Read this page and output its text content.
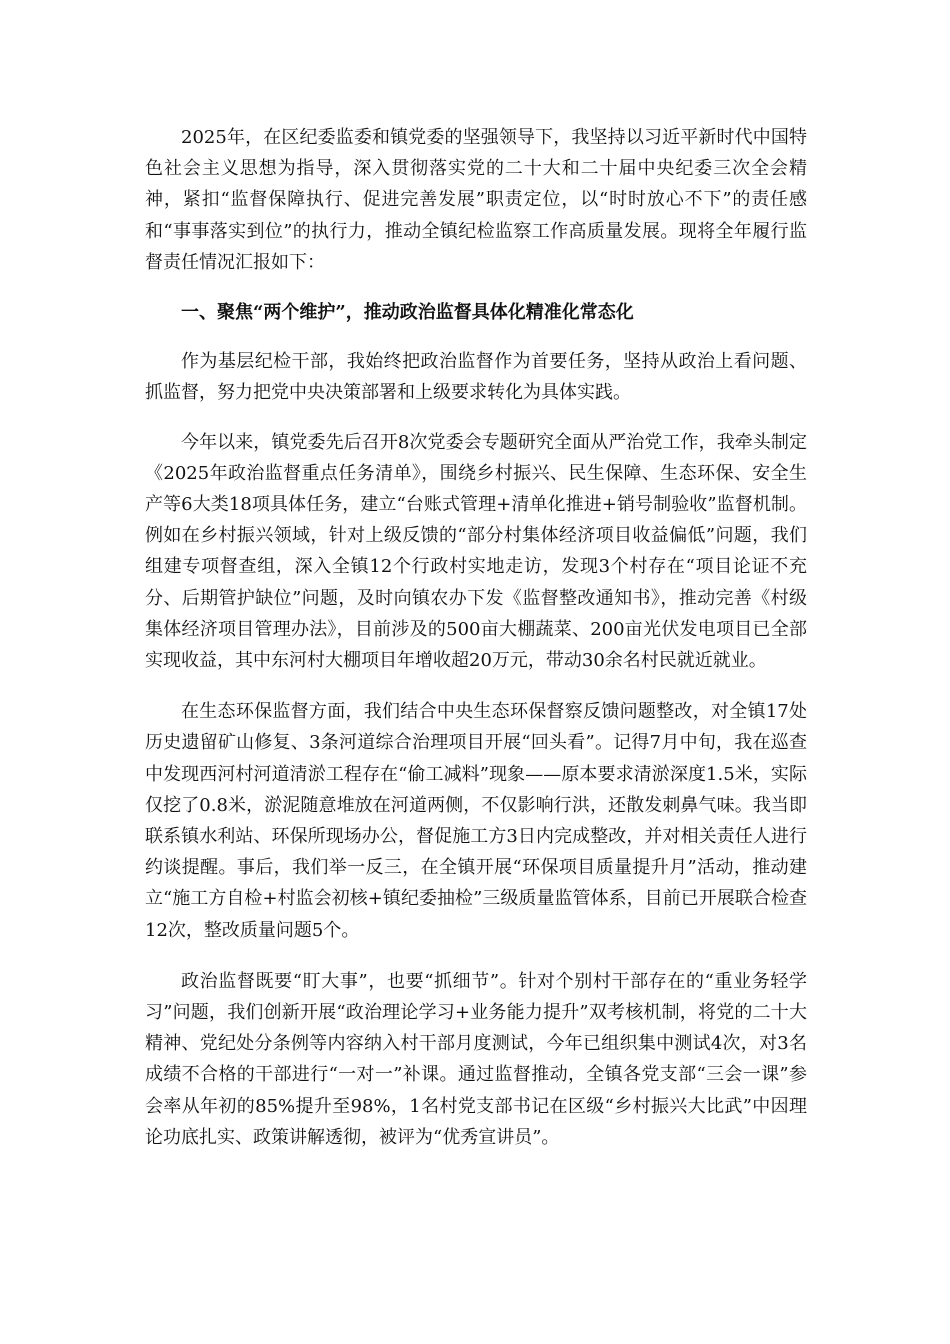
2025年，在区纪委监委和镇党委的坚强领导下，我坚持以习近平新时代中国特色社会主义思想为指导，深入贯彻落实党的二十大和二十届中央纪委三次全会精神，紧扣“监督保障执行、促进完善发展”职责定位，以“时时放心不下”的责任感和“事事落实到位”的执行力，推动全镇纪检监察工作高质量发展。现将全年履行监督责任情况汇报如下：

一、聚焦“两个维护”，推动政治监督具体化精准化常态化

作为基层纪检干部，我始终把政治监督作为首要任务，坚持从政治上看问题、抓监督，努力把党中央决策部署和上级要求转化为具体实践。

今年以来，镇党委先后召开8次党委会专题研究全面从严治党工作，我牵头制定《2025年政治监督重点任务清单》，围绕乡村振兴、民生保障、生态环保、安全生产等6大类18项具体任务，建立“台账式管理+清单化推进+销号制验收”监督机制。例如在乡村振兴领域，针对上级反馈的“部分村集体经济项目收益偏低”问题，我们组建专项督查组，深入全镇12个行政村实地走访，发现3个村存在“项目论证不充分、后期管护缺位”问题，及时向镇农办下发《监督整改通知书》，推动完善《村级集体经济项目管理办法》，目前涉及的500亩大棚蔬菜、200亩光伏发电项目已全部实现收益，其中东河村大棚项目年增收超20万元，带动30余名村民就近就业。

在生态环保监督方面，我们结合中央生态环保督察反馈问题整改，对全镇17处历史遗留矿山修复、3条河道综合治理项目开展“回头看”。记得7月中旬，我在巡查中发现西河村河道清淤工程存在“偷工减料”现象——原本要求清淤深度1.5米，实际仅挖了0.8米，淤泥随意堆放在河道两侧，不仅影响行洪，还散发刺鼻气味。我当即联系镇水利站、环保所现场办公，督促施工方3日内完成整改，并对相关责任人进行约谈提醒。事后，我们举一反三，在全镇开展“环保项目质量提升月”活动，推动建立“施工方自检+村监会初核+镇纪委抽检”三级质量监管体系，目前已开展联合检查12次，整改质量问题5个。

政治监督既要“盯大事”，也要“抓细节”。针对个别村干部存在的“重业务轻学习”问题，我们创新开展“政治理论学习+业务能力提升”双考核机制，将党的二十大精神、党纪处分条例等内容纳入村干部月度测试，今年已组织集中测试4次，对3名成绩不合格的干部进行“一对一”补课。通过监督推动，全镇各党支部“三会一课”参会率从年初的85%提升至98%，1名村党支部书记在区级“乡村振兴大比武”中因理论功底扎实、政策讲解透彻，被评为“优秀宣讲员”。
